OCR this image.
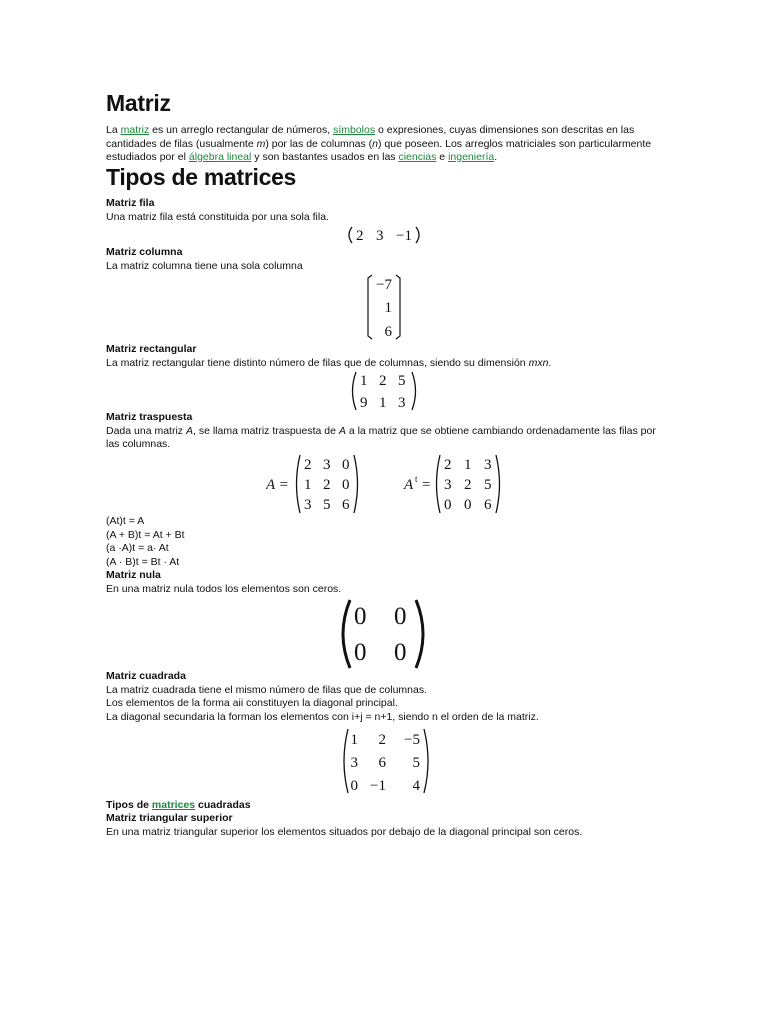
Matriz

La matriz es un arreglo rectangular de números, símbolos o expresiones, cuyas dimensiones son descritas en las cantidades de filas (usualmente m) por las de columnas (n) que poseen. Los arreglos matriciales son particularmente estudiados por el álgebra lineal y son bastantes usados en las ciencias e ingeniería.

Tipos de matrices

Matriz fila
Una matriz fila está constituida por una sola fila.

2 3 −1

Matriz columna
La matriz columna tiene una sola columna

−7
1
6

Matriz rectangular
La matriz rectangular tiene distinto número de filas que de columnas, siendo su dimensión mxn.

1 2 5
9 1 3

Matriz traspuesta
Dada una matriz A, se llama matriz traspuesta de A a la matriz que se obtiene cambiando ordenadamente las filas por las columnas.

A =
2 3 0
1 2 0
3 5 6
A t =
2 1 3
3 2 5
0 0 6

(At)t = A
(A + B)t = At + Bt
(a ·A)t = a· At
(A · B)t = Bt · At

Matriz nula
En una matriz nula todos los elementos son ceros.

0 0
0 0

Matriz cuadrada
La matriz cuadrada tiene el mismo número de filas que de columnas.
Los elementos de la forma aii constituyen la diagonal principal.
La diagonal secundaria la forman los elementos con i+j = n+1, siendo n el orden de la matriz.

1 2 −5
3 6 5
0 −1 4

Tipos de matrices cuadradas

Matriz triangular superior
En una matriz triangular superior los elementos situados por debajo de la diagonal principal son ceros.
